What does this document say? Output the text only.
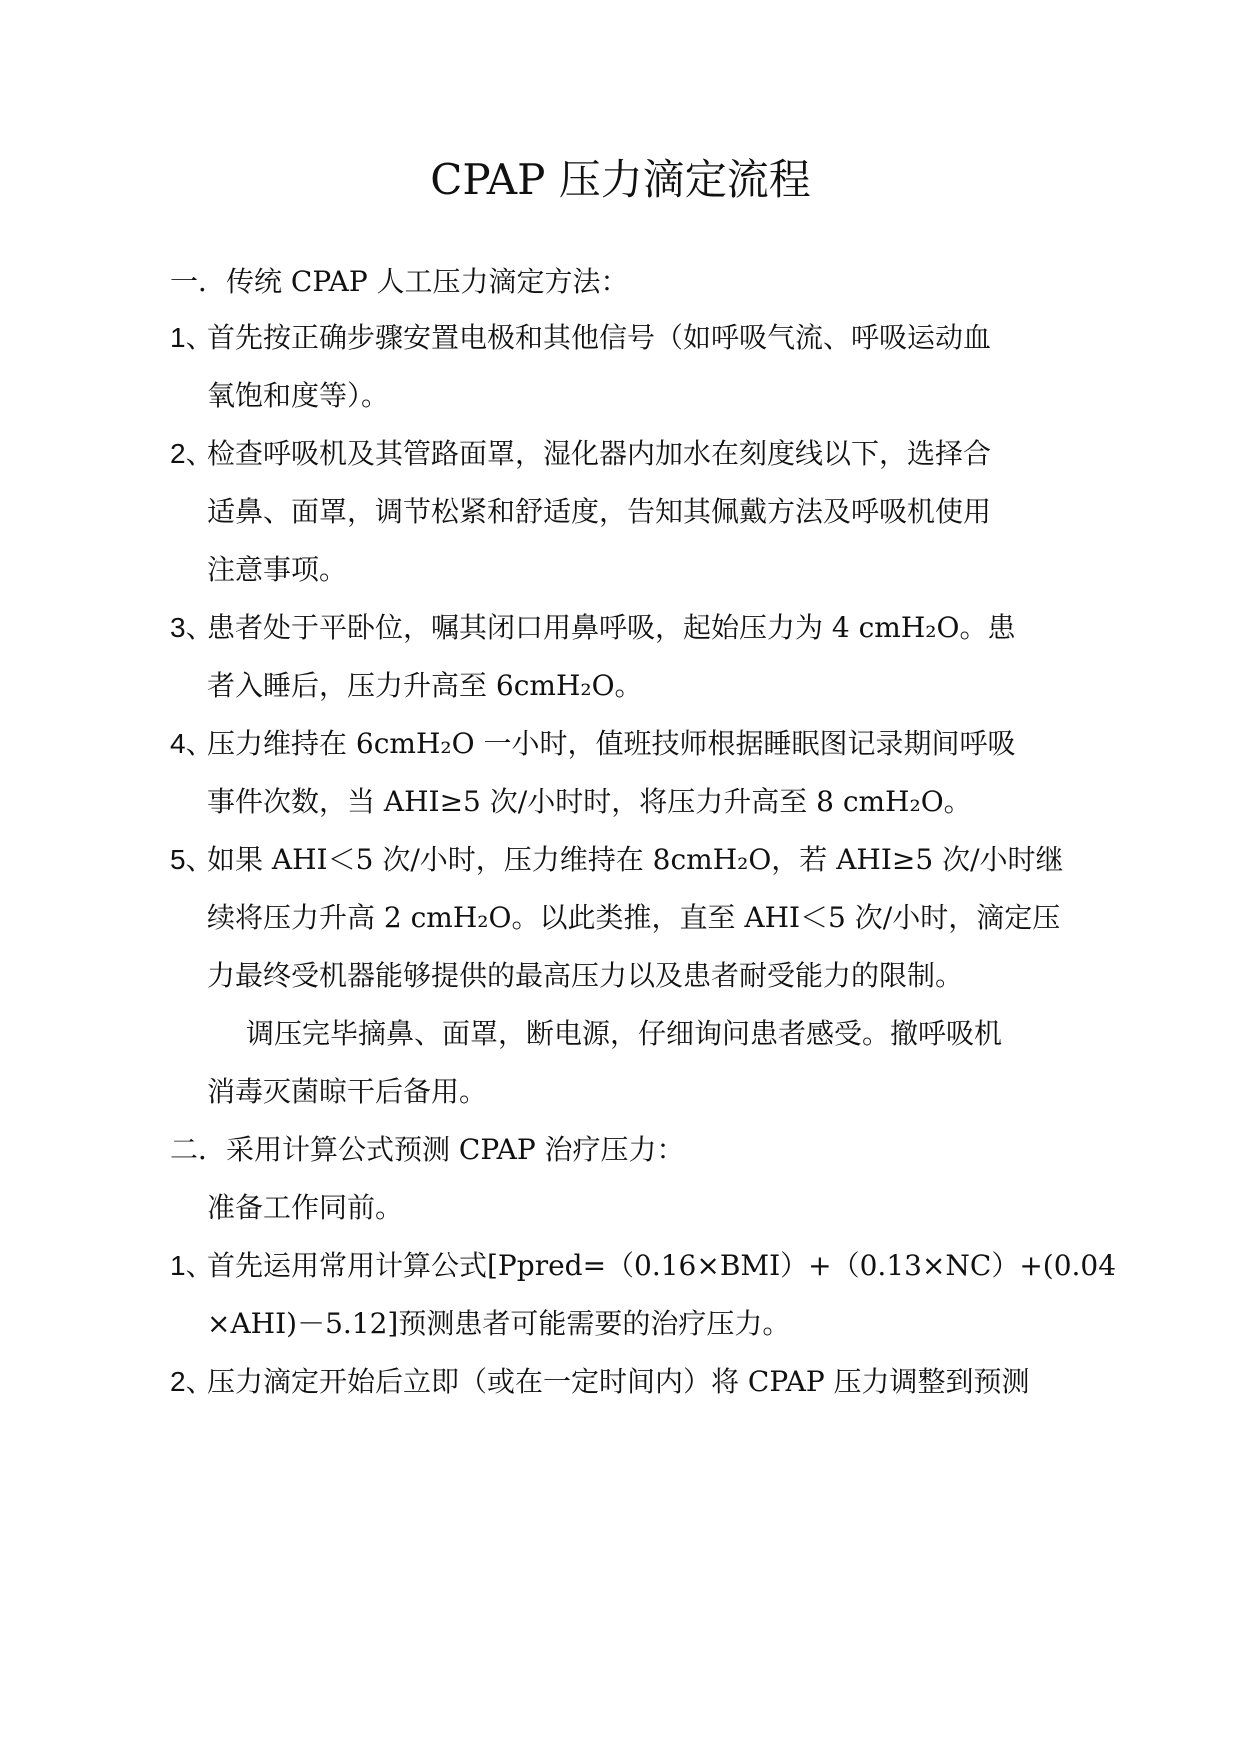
CPAP 压力滴定流程
一．传统 CPAP 人工压力滴定方法：
1、
首先按正确步骤安置电极和其他信号（如呼吸气流、呼吸运动血
氧饱和度等）。
2、
检查呼吸机及其管路面罩，湿化器内加水在刻度线以下，选择合
适鼻、面罩，调节松紧和舒适度，告知其佩戴方法及呼吸机使用
注意事项。
3、
患者处于平卧位，嘱其闭口用鼻呼吸，起始压力为 4 cmH₂O。患
者入睡后，压力升高至 6cmH₂O。
4、
压力维持在 6cmH₂O 一小时，值班技师根据睡眠图记录期间呼吸
事件次数，当 AHI≥5 次/小时时，将压力升高至 8 cmH₂O。
5、
如果 AHI＜5 次/小时，压力维持在 8cmH₂O，若 AHI≥5 次/小时继
续将压力升高 2 cmH₂O。以此类推，直至 AHI＜5 次/小时，滴定压
力最终受机器能够提供的最高压力以及患者耐受能力的限制。
调压完毕摘鼻、面罩，断电源，仔细询问患者感受。撤呼吸机
消毒灭菌晾干后备用。
二．采用计算公式预测 CPAP 治疗压力：
准备工作同前。
1、
首先运用常用计算公式[Ppred=（0.16×BMI）+（0.13×NC）+(0.04
×AHI)－5.12]预测患者可能需要的治疗压力。
2、
压力滴定开始后立即（或在一定时间内）将 CPAP 压力调整到预测
